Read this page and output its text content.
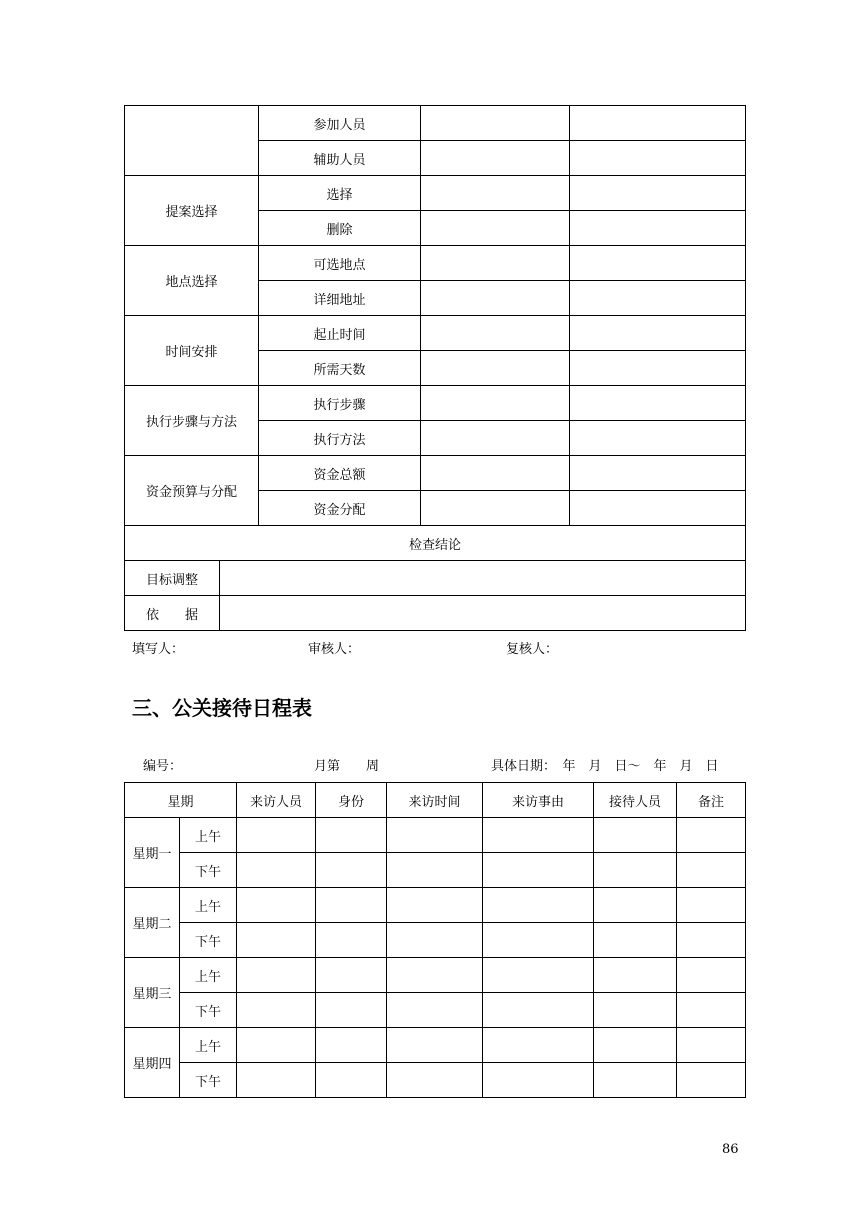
	参加人员		
	辅助人员		
提案选择	选择		
	删除		
地点选择	可选地点		
	详细地址		
时间安排	起止时间		
	所需天数		
执行步骤与方法	执行步骤		
	执行方法		
资金预算与分配	资金总额		
	资金分配		
检查结论			

目标调整			

依　　据			
填写人：	审核人：	复核人：
三、公关接待日程表
编号：	月第　　周	具体日期：　年　月　日～　年　月　日
星期		来访人员	身份	来访时间	来访事由	接待人员	备注
星期一	上午						
	下午						
星期二	上午						
	下午						
星期三	上午						
	下午						
星期四	上午						
	下午						
86
